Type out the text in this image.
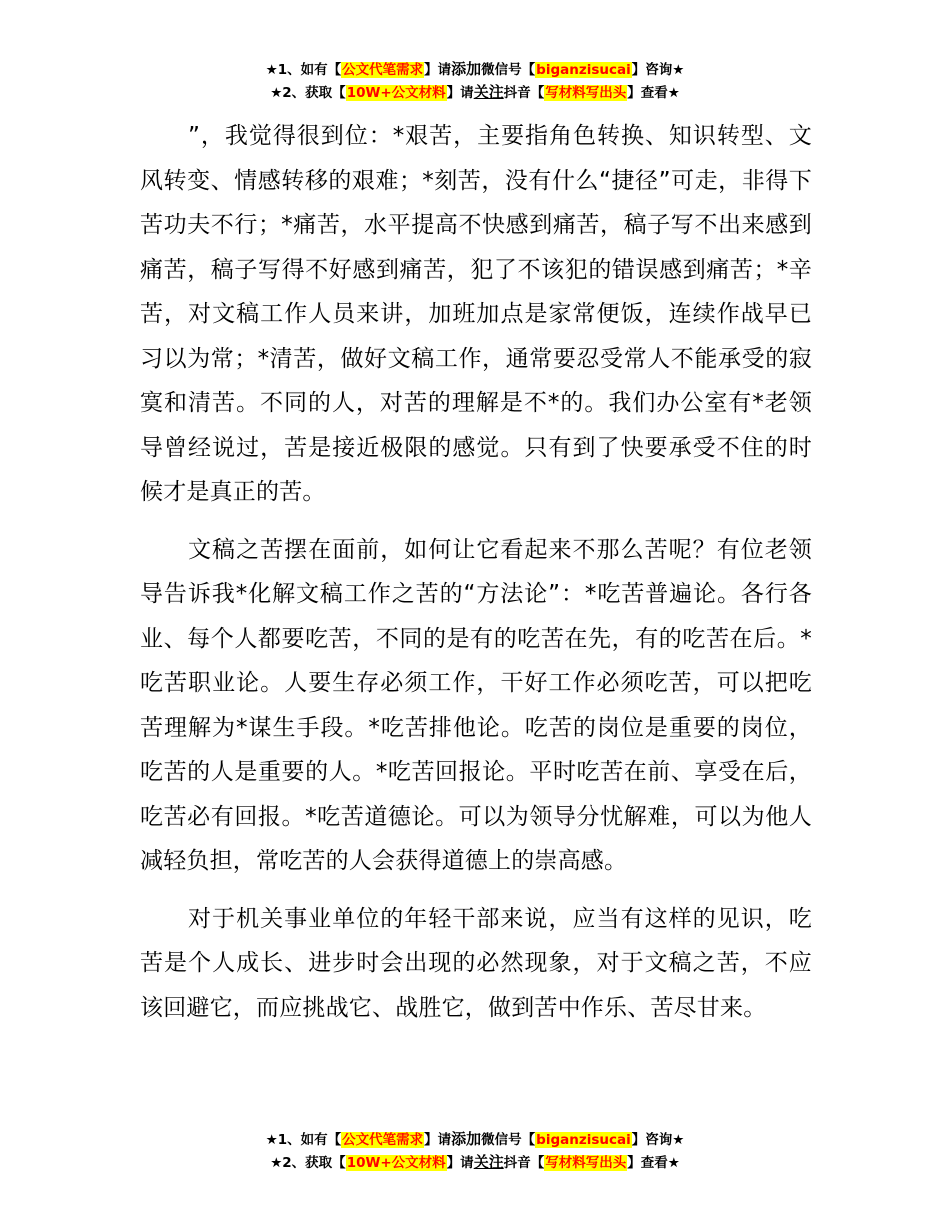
★1、如有【公文代笔需求】请添加微信号【biganzisucai】咨询★
★2、获取【10W+公文材料】请关注抖音【写材料写出头】查看★

”，我觉得很到位：*艰苦，主要指角色转换、知识转型、文风转变、情感转移的艰难；*刻苦，没有什么“捷径”可走，非得下苦功夫不行；*痛苦，水平提高不快感到痛苦，稿子写不出来感到痛苦，稿子写得不好感到痛苦，犯了不该犯的错误感到痛苦；*辛苦，对文稿工作人员来讲，加班加点是家常便饭，连续作战早已习以为常；*清苦，做好文稿工作，通常要忍受常人不能承受的寂寞和清苦。不同的人，对苦的理解是不*的。我们办公室有*老领导曾经说过，苦是接近极限的感觉。只有到了快要承受不住的时候才是真正的苦。

文稿之苦摆在面前，如何让它看起来不那么苦呢？有位老领导告诉我*化解文稿工作之苦的“方法论”：*吃苦普遍论。各行各业、每个人都要吃苦，不同的是有的吃苦在先，有的吃苦在后。*吃苦职业论。人要生存必须工作，干好工作必须吃苦，可以把吃苦理解为*谋生手段。*吃苦排他论。吃苦的岗位是重要的岗位，吃苦的人是重要的人。*吃苦回报论。平时吃苦在前、享受在后，吃苦必有回报。*吃苦道德论。可以为领导分忧解难，可以为他人减轻负担，常吃苦的人会获得道德上的崇高感。

对于机关事业单位的年轻干部来说，应当有这样的见识，吃苦是个人成长、进步时会出现的必然现象，对于文稿之苦，不应该回避它，而应挑战它、战胜它，做到苦中作乐、苦尽甘来。

★1、如有【公文代笔需求】请添加微信号【biganzisucai】咨询★
★2、获取【10W+公文材料】请关注抖音【写材料写出头】查看★
